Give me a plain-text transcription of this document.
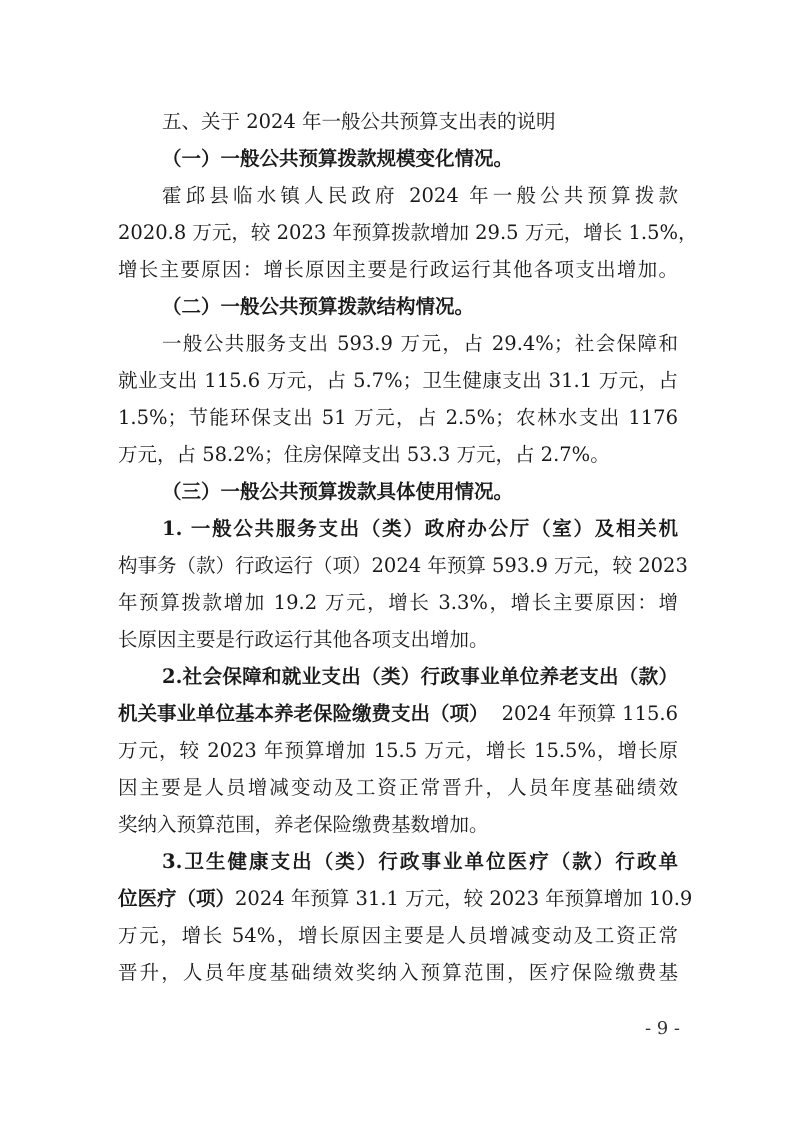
五、关于 2024 年一般公共预算支出表的说明
（一）一般公共预算拨款规模变化情况。
霍邱县临水镇人民政府 2024 年一般公共预算拨款
2020.8 万元，较 2023 年预算拨款增加 29.5 万元，增长 1.5%，
增长主要原因：增长原因主要是行政运行其他各项支出增加。
（二）一般公共预算拨款结构情况。
一般公共服务支出 593.9 万元，占 29.4%；社会保障和
就业支出 115.6 万元，占 5.7%；卫生健康支出 31.1 万元，占
1.5%；节能环保支出 51 万元，占 2.5%；农林水支出 1176
万元，占 58.2%；住房保障支出 53.3 万元，占 2.7%。
（三）一般公共预算拨款具体使用情况。
1. 一般公共服务支出（类）政府办公厅（室）及相关机
构事务（款）行政运行（项）2024 年预算 593.9 万元，较 2023
年预算拨款增加 19.2 万元，增长 3.3%，增长主要原因：增
长原因主要是行政运行其他各项支出增加。
2.社会保障和就业支出（类）行政事业单位养老支出（款）
机关事业单位基本养老保险缴费支出（项） 2024 年预算 115.6
万元，较 2023 年预算增加 15.5 万元，增长 15.5%，增长原
因主要是人员增减变动及工资正常晋升，人员年度基础绩效
奖纳入预算范围，养老保险缴费基数增加。
3.卫生健康支出（类）行政事业单位医疗（款）行政单
位医疗（项） 2024 年预算 31.1 万元，较 2023 年预算增加 10.9
万元，增长 54%，增长原因主要是人员增减变动及工资正常
晋升，人员年度基础绩效奖纳入预算范围，医疗保险缴费基
- 9 -
